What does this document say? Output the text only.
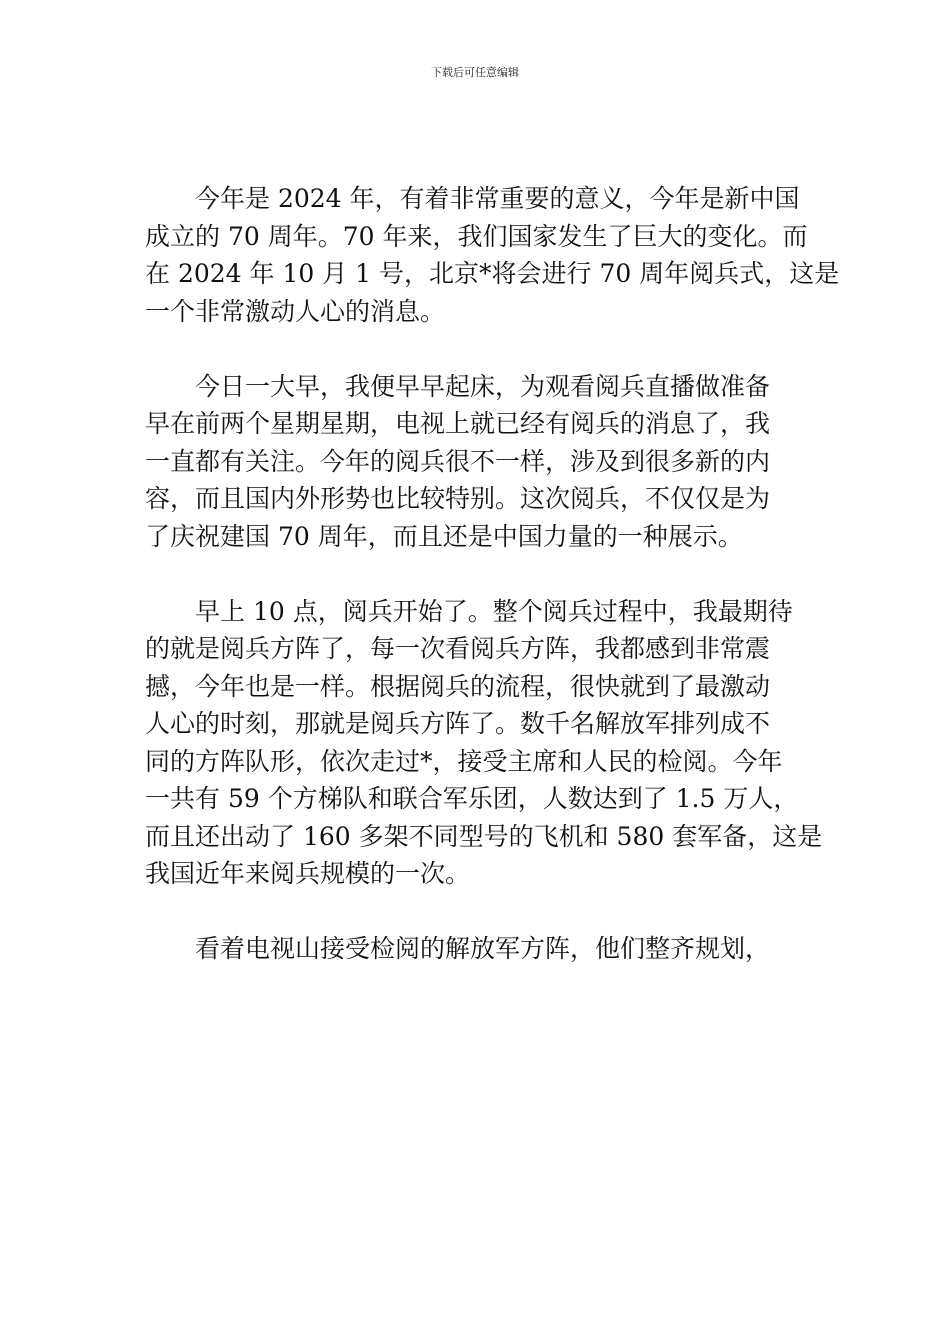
下载后可任意编辑

今年是 2024 年，有着非常重要的意义，今年是新中国
成立的 70 周年。70 年来，我们国家发生了巨大的变化。而
在 2024 年 10 月 1 号，北京*将会进行 70 周年阅兵式，这是
一个非常激动人心的消息。

今日一大早，我便早早起床，为观看阅兵直播做准备
早在前两个星期星期，电视上就已经有阅兵的消息了，我
一直都有关注。今年的阅兵很不一样，涉及到很多新的内
容，而且国内外形势也比较特别。这次阅兵，不仅仅是为
了庆祝建国 70 周年，而且还是中国力量的一种展示。

早上 10 点，阅兵开始了。整个阅兵过程中，我最期待
的就是阅兵方阵了，每一次看阅兵方阵，我都感到非常震
撼，今年也是一样。根据阅兵的流程，很快就到了最激动
人心的时刻，那就是阅兵方阵了。数千名解放军排列成不
同的方阵队形，依次走过*，接受主席和人民的检阅。今年
一共有 59 个方梯队和联合军乐团，人数达到了 1.5 万人，
而且还出动了 160 多架不同型号的飞机和 580 套军备，这是
我国近年来阅兵规模的一次。

看着电视山接受检阅的解放军方阵，他们整齐规划，
